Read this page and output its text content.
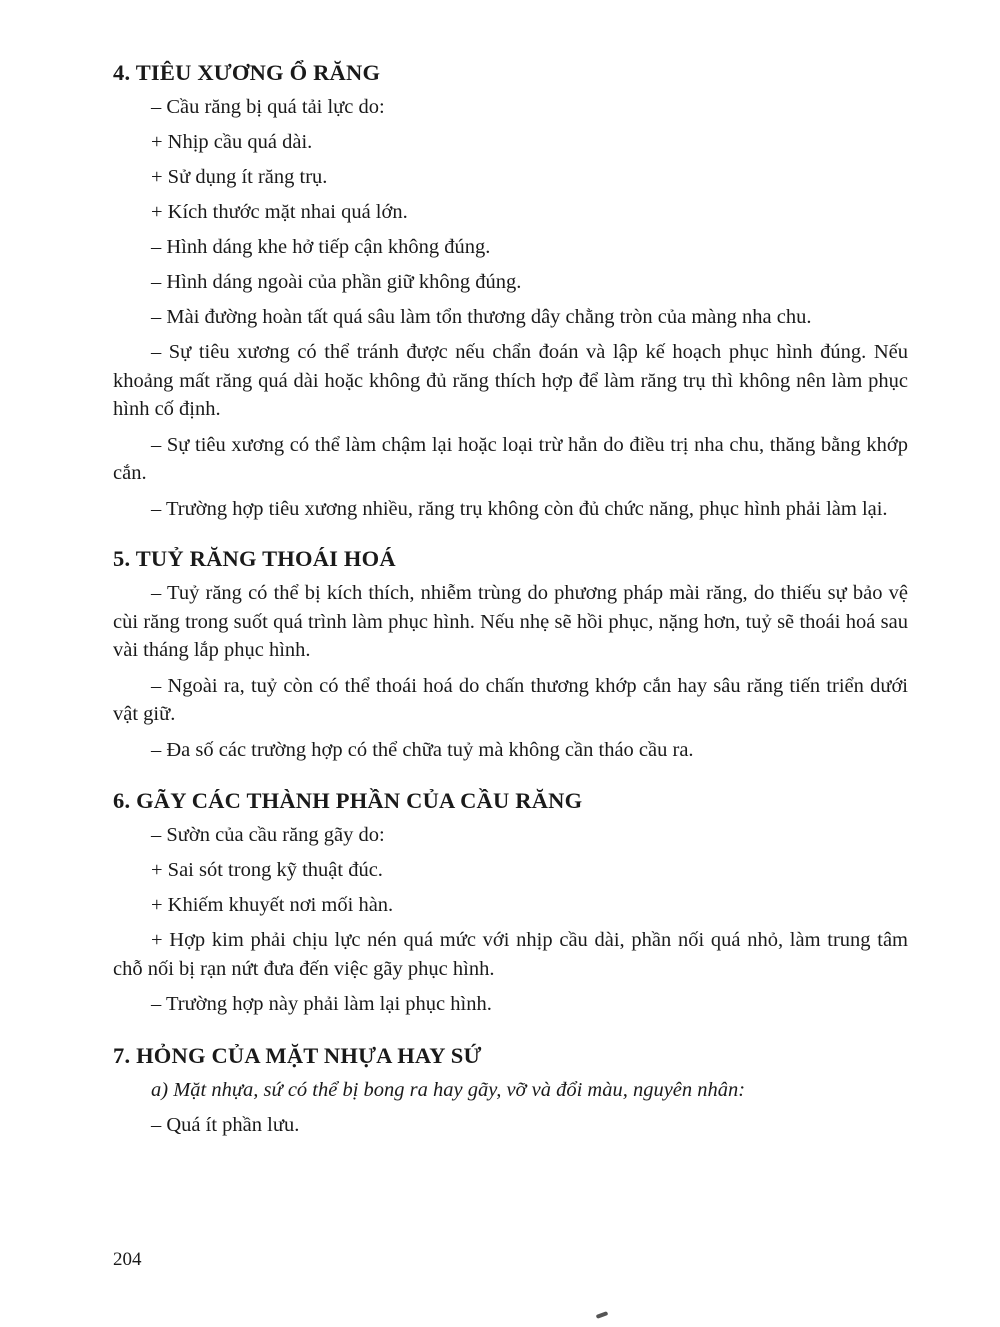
4. TIÊU XƯƠNG Ổ RĂNG

– Cầu răng bị quá tải lực do:

+ Nhịp cầu quá dài.

+ Sử dụng ít răng trụ.

+ Kích thước mặt nhai quá lớn.

– Hình dáng khe hở tiếp cận không đúng.

– Hình dáng ngoài của phần giữ không đúng.

– Mài đường hoàn tất quá sâu làm tổn thương dây chằng tròn của màng nha chu.

– Sự tiêu xương có thể tránh được nếu chẩn đoán và lập kế hoạch phục hình đúng. Nếu khoảng mất răng quá dài hoặc không đủ răng thích hợp để làm răng trụ thì không nên làm phục hình cố định.

– Sự tiêu xương có thể làm chậm lại hoặc loại trừ hẳn do điều trị nha chu, thăng bằng khớp cắn.

– Trường hợp tiêu xương nhiều, răng trụ không còn đủ chức năng, phục hình phải làm lại.

5. TUỶ RĂNG THOÁI HOÁ

– Tuỷ răng có thể bị kích thích, nhiễm trùng do phương pháp mài răng, do thiếu sự bảo vệ cùi răng trong suốt quá trình làm phục hình. Nếu nhẹ sẽ hồi phục, nặng hơn, tuỷ sẽ thoái hoá sau vài tháng lắp phục hình.

– Ngoài ra, tuỷ còn có thể thoái hoá do chấn thương khớp cắn hay sâu răng tiến triển dưới vật giữ.

– Đa số các trường hợp có thể chữa tuỷ mà không cần tháo cầu ra.

6. GÃY CÁC THÀNH PHẦN CỦA CẦU RĂNG

– Sườn của cầu răng gãy do:

+ Sai sót trong kỹ thuật đúc.

+ Khiếm khuyết nơi mối hàn.

+ Hợp kim phải chịu lực nén quá mức với nhịp cầu dài, phần nối quá nhỏ, làm trung tâm chỗ nối bị rạn nứt đưa đến việc gãy phục hình.

– Trường hợp này phải làm lại phục hình.

7. HỎNG CỦA MẶT NHỰA HAY SỨ

a) Mặt nhựa, sứ có thể bị bong ra hay gãy, vỡ và đổi màu, nguyên nhân:

– Quá ít phần lưu.

204
